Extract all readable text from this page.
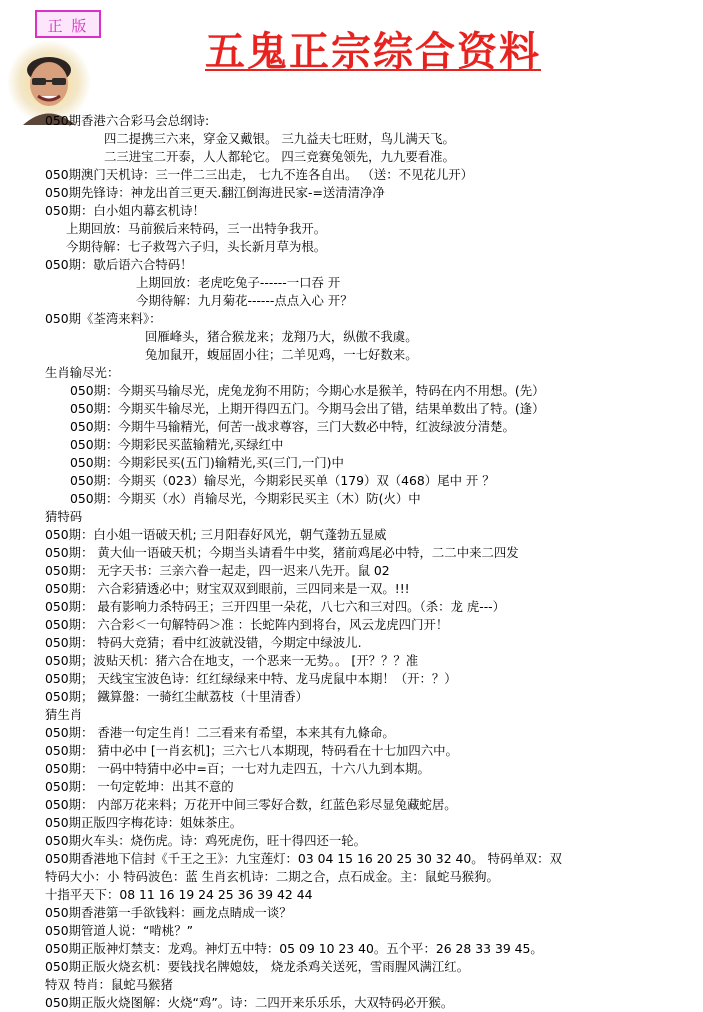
正 版
五鬼正宗综合资料
050期香港六合彩马会总纲诗:
四二提携三六来，穿金又戴银。 三九益夫七旺财，鸟儿满天飞。
二三进宝二开泰，人人都轮它。 四三竞赛兔领先，九九要看准。
050期澳门天机诗：三一伴二三出走， 七九不连各自出。 （送：不见花儿开）
050期先锋诗：神龙出首三更天.翻江倒海进民家-=送清清净净
050期：白小姐内幕玄机诗！
上期回放：马前猴后来特码，三一出特争我开。
今期待解：七子救驾六子归，头长新月草为根。
050期：歇后语六合特码！
上期回放：老虎吃兔子------一口吞 开
今期待解：九月菊花------点点入心 开？
050期《荃湾来料》：
回雁峰头，猪合猴龙来；龙翔乃大，纵傲不我虞。
兔加鼠开，蝮屈固小往；二羊见鸡，一七好数来。
生肖输尽光：
050期：今期买马输尽光，虎兔龙狗不用防；今期心水是猴羊，特码在内不用想。(先）
050期：今期买牛输尽光，上期开得四五门。今期马会出了错，结果单数出了特。(逢）
050期：今期牛马输精光，何苦一战求尊容，三门大数必中特，红波绿波分清楚。
050期：今期彩民买蓝输精光,买绿红中
050期：今期彩民买(五门)输精光,买(三门,一门)中
050期：今期买（023）输尽光，今期彩民买单（179）双（468）尾中 开 ？
050期：今期买（水）肖输尽光，今期彩民买主（木）防(火）中
猜特码
050期：白小姐一语破天机; 三月阳春好风光，朝气蓬勃五显威
050期： 黄大仙一语破天机；今期当头请看牛中奖，猪前鸡尾必中特，二二中来二四发
050期： 无字天书：三亲六眷一起走，四一迟来八先开。鼠 02
050期： 六合彩猜透必中；财宝双双到眼前，三四同来是一双。!!!
050期： 最有影响力杀特码王；三开四里一朵花，八七六和三对四。（杀：龙 虎---）
050期： 六合彩＜一句解特码＞准 ：长蛇阵内到将台，风云龙虎四门开！
050期： 特码大竞猜；看中红波就没错，今期定中绿波儿.
050期；波贴天机：猪六合在地支，一个恶来一无势。。 [开？？？准
050期； 天线宝宝波色诗：红红绿绿来中特、龙马虎鼠中本期！（开：？）
050期； 鐵算盤：一骑红尘献荔枝（十里清香）
猜生肖
050期： 香港一句定生肖！二三看来有希望，本来其有九條命。
050期： 猜中必中 [一肖玄机]；三六七八本期现，特码看在十七加四六中。
050期： 一码中特猜中必中=百；一七对九走四五，十六八九到本期。
050期： 一句定乾坤：出其不意的
050期： 内部万花来料；万花开中间三零好合数，红蓝色彩尽显兔藏蛇居。
050期正版四字梅花诗：姐妹茶庄。
050期火车头：烧伤虎。诗：鸡死虎伤，旺十得四还一轮。
050期香港地下信封《千王之王》：九宝莲灯：03 04 15 16 20 25 30 32 40。 特码单双：双
特码大小：小 特码波色：蓝 生肖玄机诗：二期之合，点石成金。主：鼠蛇马猴狗。
十指平天下：08 11 16 19 24 25 36 39 42 44
050期香港第一手欲钱料：画龙点睛成一谈？
050期管道人说：“啃桃？”
050期正版神灯禁支：龙鸡。神灯五中特：05 09 10 23 40。五个平：26 28 33 39 45。
050期正版火烧玄机：要钱找名牌媳妓， 烧龙杀鸡关送死，雪雨腥风满江红。
特双 特肖：鼠蛇马猴猪
050期正版火烧图解：火烧“鸡”。诗：二四开来乐乐乐，大双特码必开猴。
